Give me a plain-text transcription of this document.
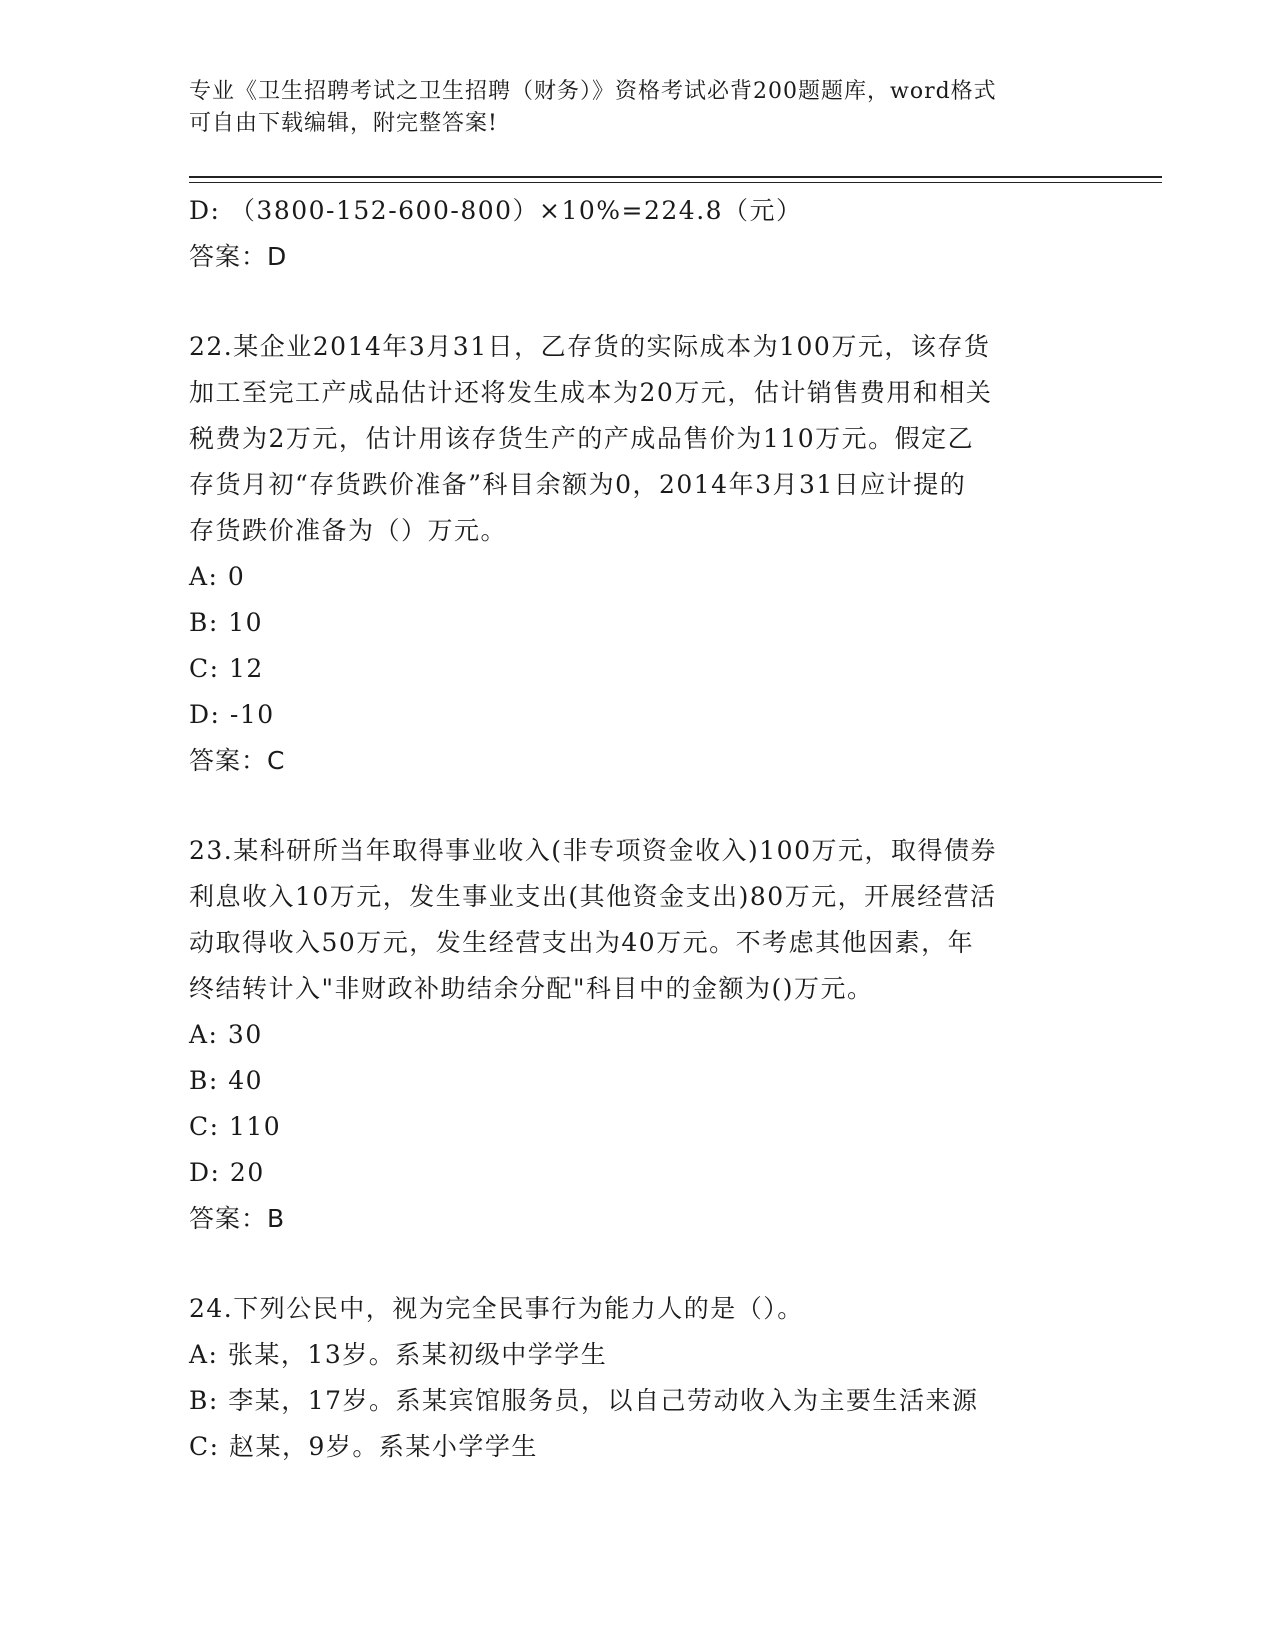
专业《卫生招聘考试之卫生招聘（财务）》资格考试必背200题题库，word格式
可自由下载编辑，附完整答案!
D: （3800-152-600-800）×10%=224.8（元）
答案：D
22.某企业2014年3月31日，乙存货的实际成本为100万元，该存货
加工至完工产成品估计还将发生成本为20万元，估计销售费用和相关
税费为2万元，估计用该存货生产的产成品售价为110万元。假定乙
存货月初“存货跌价准备”科目余额为0，2014年3月31日应计提的
存货跌价准备为（）万元。
A: 0
B: 10
C: 12
D: -10
答案：C
23.某科研所当年取得事业收入(非专项资金收入)100万元，取得债券
利息收入10万元，发生事业支出(其他资金支出)80万元，开展经营活
动取得收入50万元，发生经营支出为40万元。不考虑其他因素，年
终结转计入"非财政补助结余分配"科目中的金额为()万元。
A: 30
B: 40
C: 110
D: 20
答案：B
24.下列公民中，视为完全民事行为能力人的是（）。
A: 张某，13岁。系某初级中学学生
B: 李某，17岁。系某宾馆服务员，以自己劳动收入为主要生活来源
C: 赵某，9岁。系某小学学生
